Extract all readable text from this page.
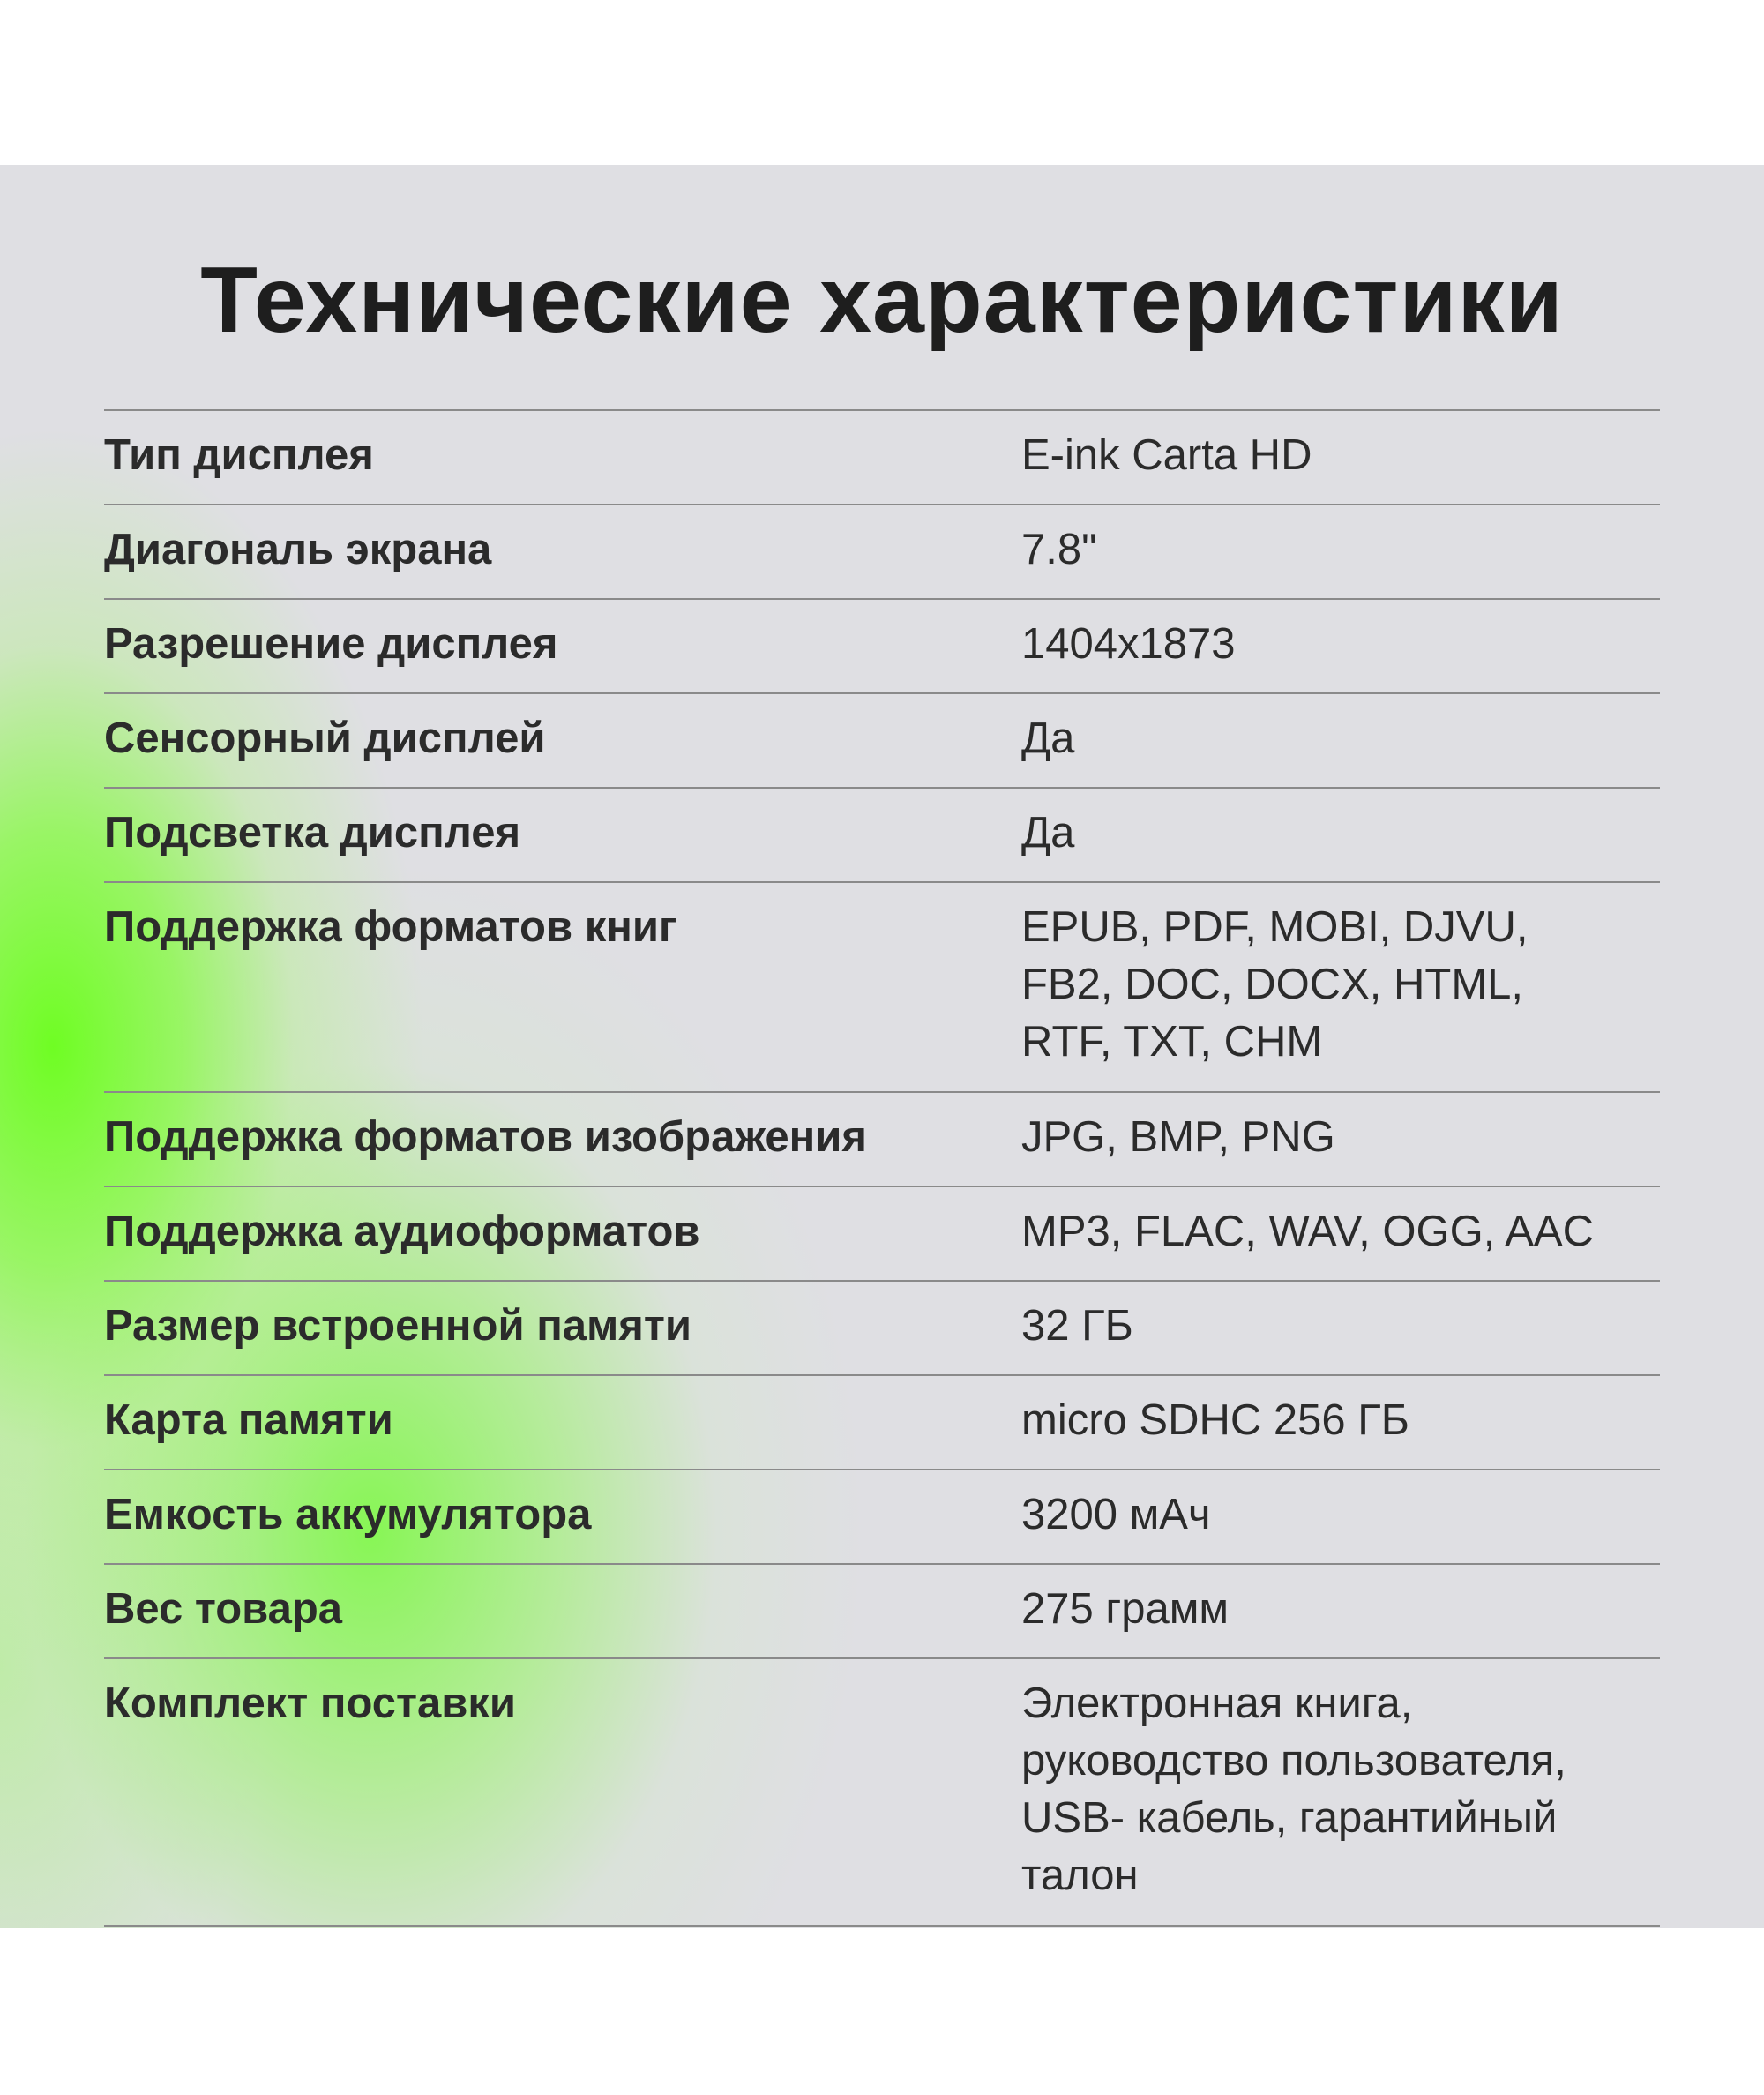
Технические характеристики
Тип дисплея	E-ink Carta HD
Диагональ экрана	7.8"
Разрешение дисплея	1404x1873
Сенсорный дисплей	Да
Подсветка дисплея	Да
Поддержка форматов книг	EPUB, PDF, MOBI, DJVU, FB2, DOC, DOCX, HTML, RTF, TXT, CHM
Поддержка форматов изображения	JPG, BMP, PNG
Поддержка аудиоформатов	MP3, FLAC, WAV, OGG, AAC
Размер встроенной памяти	32 ГБ
Карта памяти	micro SDHC 256 ГБ
Емкость аккумулятора	3200 мАч
Вес товара	275 грамм
Комплект поставки	Электронная книга, руководство пользователя, USB- кабель, гарантийный талон
